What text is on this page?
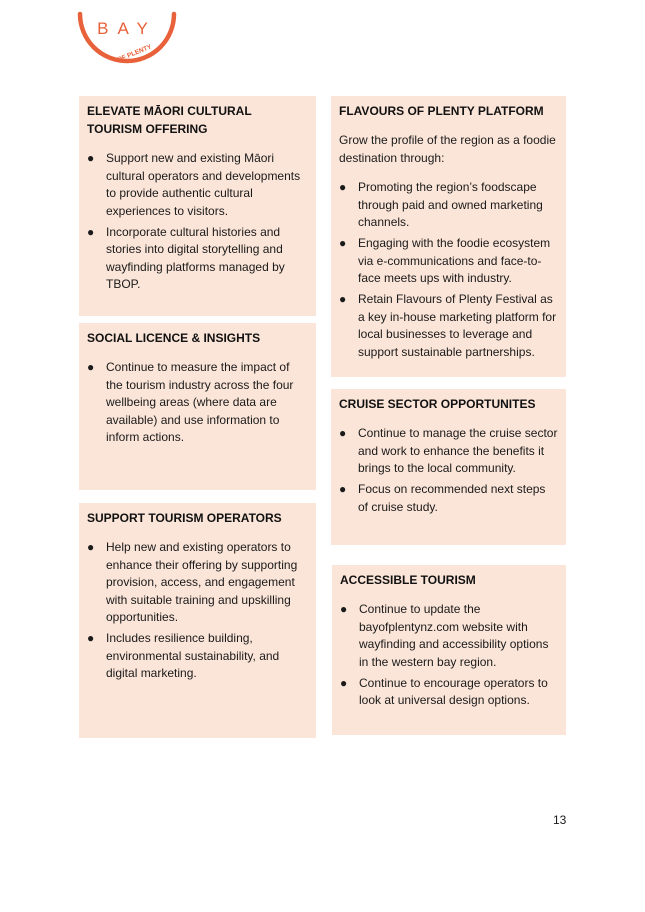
BAY
OF PLENTY
ELEVATE MĀORI CULTURAL TOURISM OFFERING
● Support new and existing Māori cultural operators and developments to provide authentic cultural experiences to visitors.
● Incorporate cultural histories and stories into digital storytelling and wayfinding platforms managed by TBOP.
SOCIAL LICENCE & INSIGHTS
● Continue to measure the impact of the tourism industry across the four wellbeing areas (where data are available) and use information to inform actions.
SUPPORT TOURISM OPERATORS
● Help new and existing operators to enhance their offering by supporting provision, access, and engagement with suitable training and upskilling opportunities.
● Includes resilience building, environmental sustainability, and digital marketing.
FLAVOURS OF PLENTY PLATFORM

Grow the profile of the region as a foodie destination through:

● Promoting the region’s foodscape through paid and owned marketing channels.
● Engaging with the foodie ecosystem via e-communications and face-to-face meets ups with industry.
● Retain Flavours of Plenty Festival as a key in-house marketing platform for local businesses to leverage and support sustainable partnerships.
CRUISE SECTOR OPPORTUNITES
● Continue to manage the cruise sector and work to enhance the benefits it brings to the local community.
● Focus on recommended next steps of cruise study.
ACCESSIBLE TOURISM
● Continue to update the bayofplentynz.com website with wayfinding and accessibility options in the western bay region.
● Continue to encourage operators to look at universal design options.
13
